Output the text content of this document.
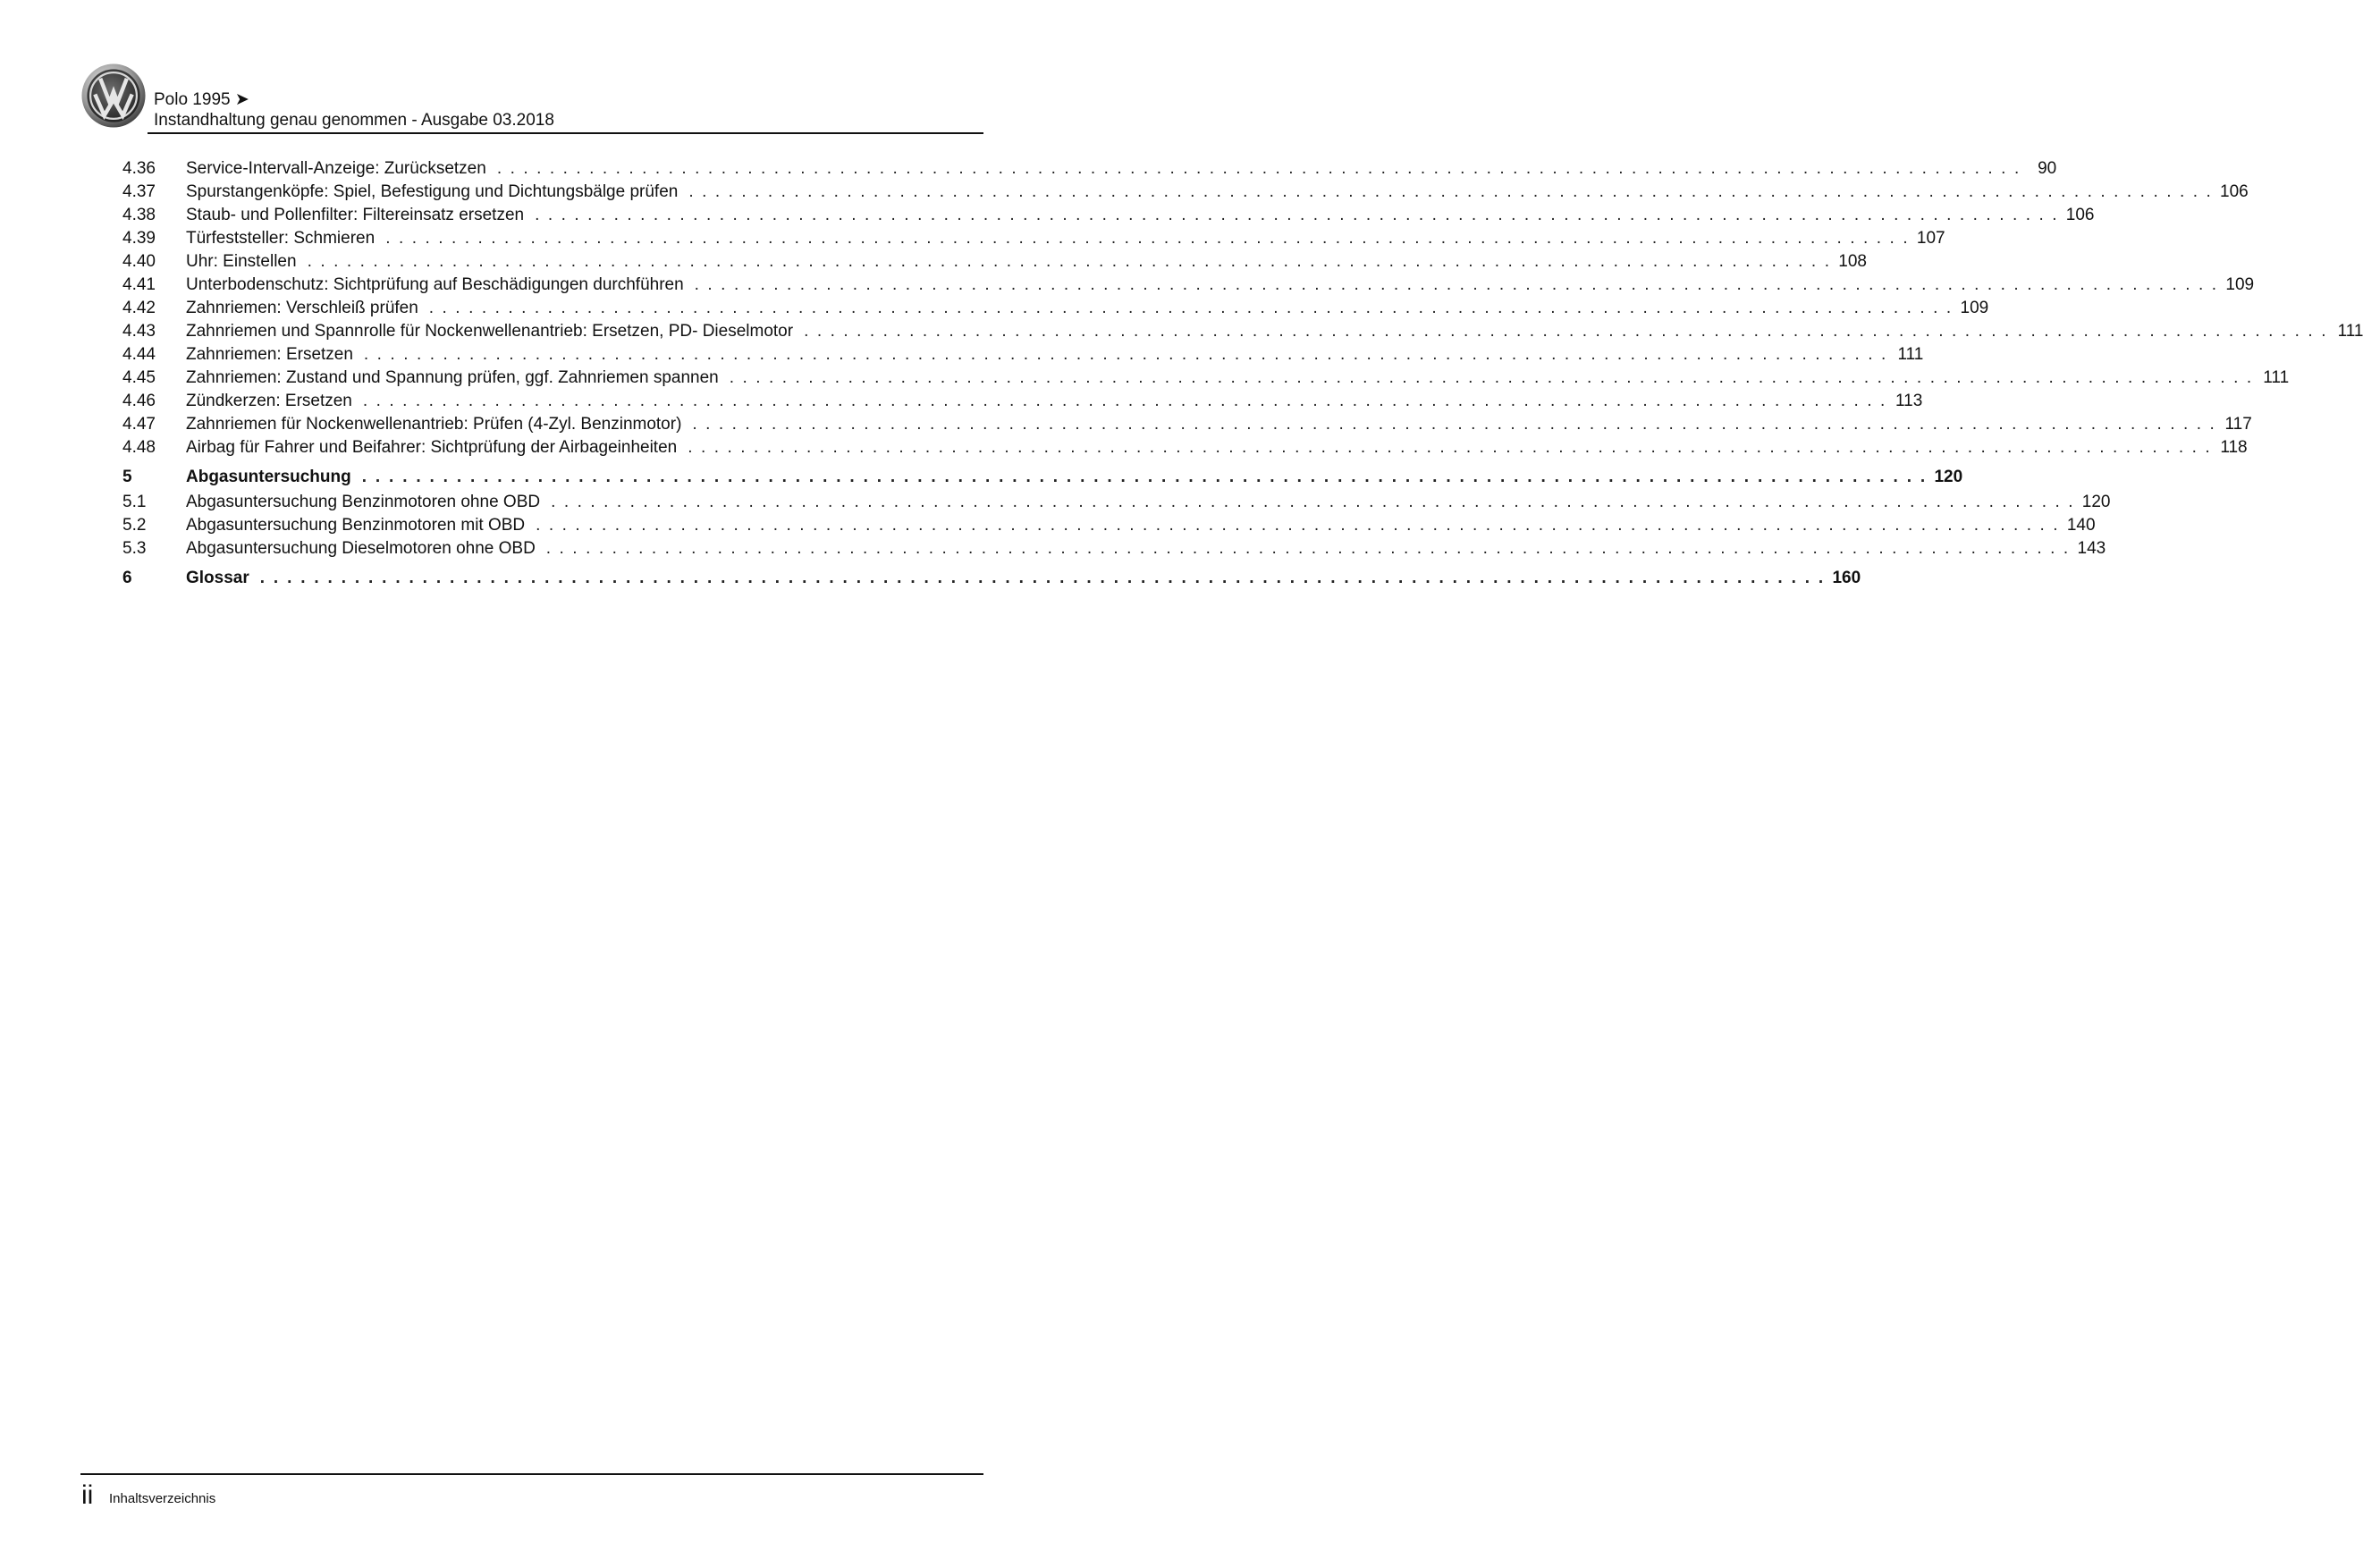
Polo 1995 ➤
Instandhaltung genau genommen - Ausgabe 03.2018
4.36	Service-Intervall-Anzeige: Zurücksetzen . . .	90
4.37	Spurstangenköpfe: Spiel, Befestigung und Dichtungsbälge prüfen . . .	106
4.38	Staub- und Pollenfilter: Filtereinsatz ersetzen . . .	106
4.39	Türfeststeller: Schmieren . . .	107
4.40	Uhr: Einstellen . . .	108
4.41	Unterbodenschutz: Sichtprüfung auf Beschädigungen durchführen . . .	109
4.42	Zahnriemen: Verschleiß prüfen . . .	109
4.43	Zahnriemen und Spannrolle für Nockenwellenantrieb: Ersetzen, PD- Dieselmotor . . .	111
4.44	Zahnriemen: Ersetzen . . .	111
4.45	Zahnriemen: Zustand und Spannung prüfen, ggf. Zahnriemen spannen . . .	111
4.46	Zündkerzen: Ersetzen . . .	113
4.47	Zahnriemen für Nockenwellenantrieb: Prüfen (4-Zyl. Benzinmotor) . . .	117
4.48	Airbag für Fahrer und Beifahrer: Sichtprüfung der Airbageinheiten . . .	118
5	Abgasuntersuchung . . .	120
5.1	Abgasuntersuchung Benzinmotoren ohne OBD . . .	120
5.2	Abgasuntersuchung Benzinmotoren mit OBD . . .	140
5.3	Abgasuntersuchung Dieselmotoren ohne OBD . . .	143
6	Glossar . . .	160
ii Inhaltsverzeichnis
